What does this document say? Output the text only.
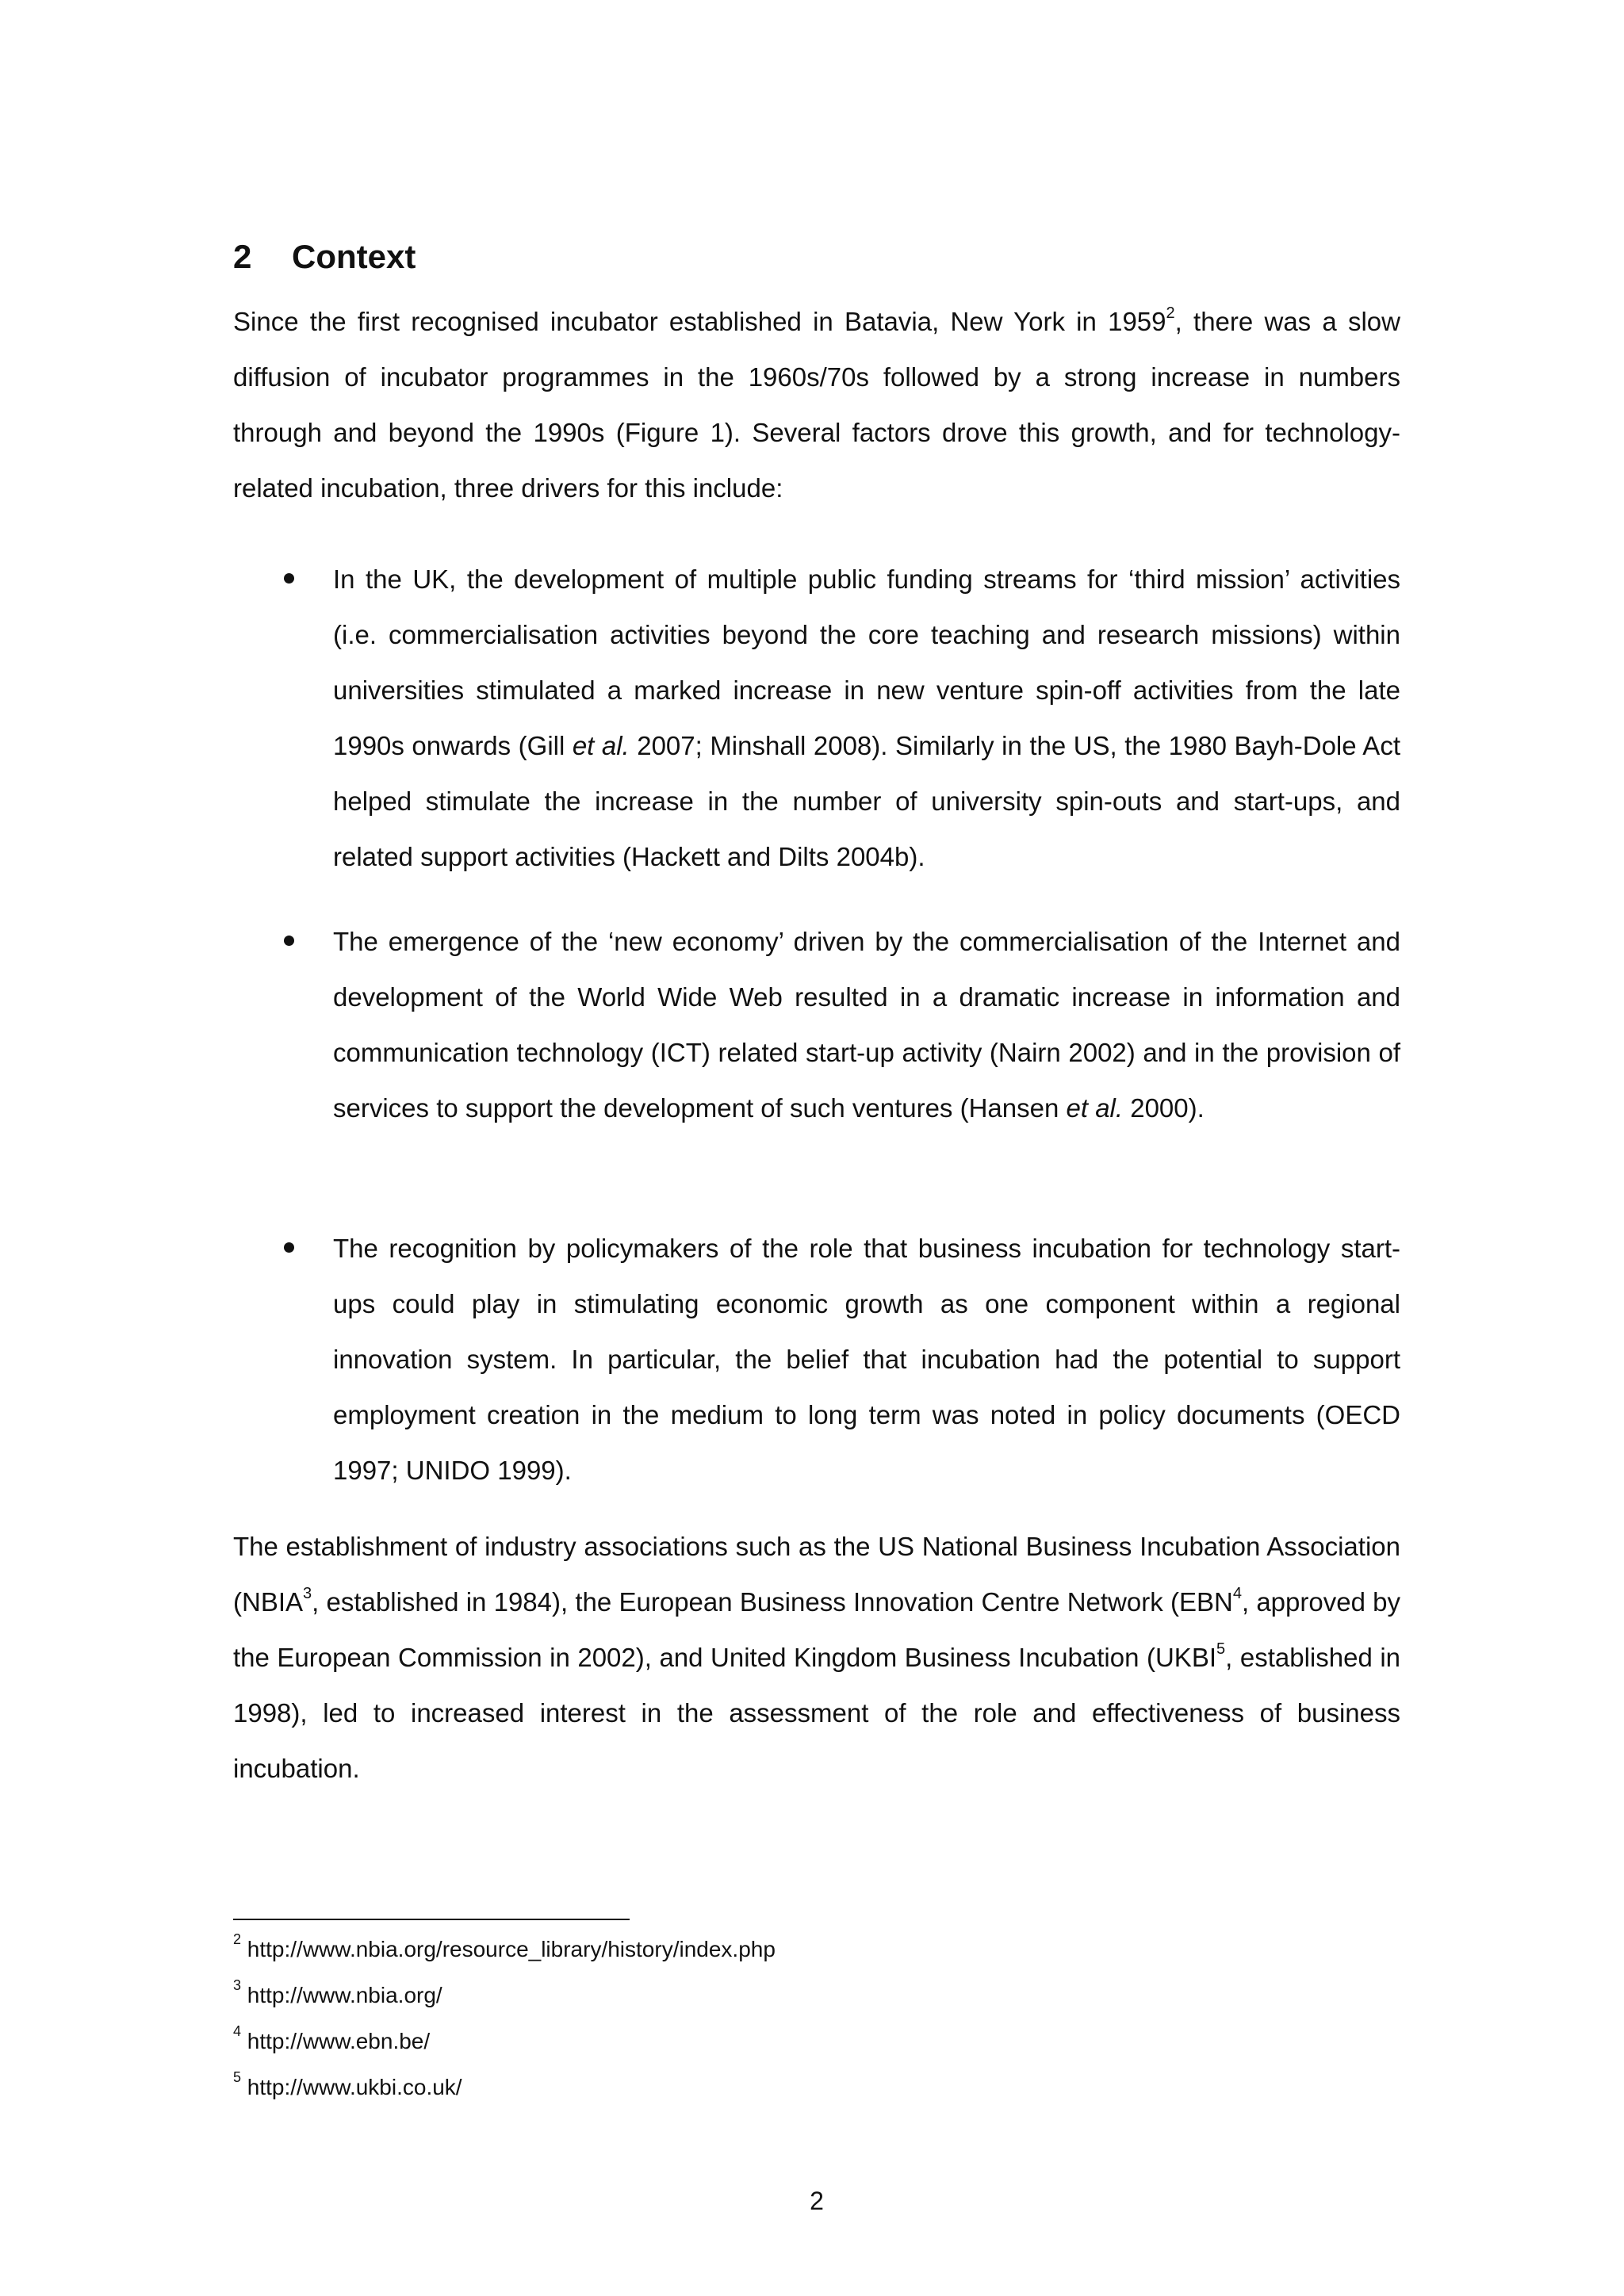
2 Context

Since the first recognised incubator established in Batavia, New York in 1959$^2$, there was a slow diffusion of incubator programmes in the 1960s/70s followed by a strong increase in numbers through and beyond the 1990s (Figure 1). Several factors drove this growth, and for technology-related incubation, three drivers for this include:

In the UK, the development of multiple public funding streams for ‘third mission’ activities (i.e. commercialisation activities beyond the core teaching and research missions) within universities stimulated a marked increase in new venture spin-off activities from the late 1990s onwards (Gill et al. 2007; Minshall 2008). Similarly in the US, the 1980 Bayh-Dole Act helped stimulate the increase in the number of university spin-outs and start-ups, and related support activities (Hackett and Dilts 2004b).

The emergence of the ‘new economy’ driven by the commercialisation of the Internet and development of the World Wide Web resulted in a dramatic increase in information and communication technology (ICT) related start-up activity (Nairn 2002) and in the provision of services to support the development of such ventures (Hansen et al. 2000).

The recognition by policymakers of the role that business incubation for technology start-ups could play in stimulating economic growth as one component within a regional innovation system. In particular, the belief that incubation had the potential to support employment creation in the medium to long term was noted in policy documents (OECD 1997; UNIDO 1999).

The establishment of industry associations such as the US National Business Incubation Association (NBIA$^3$, established in 1984), the European Business Innovation Centre Network (EBN$^4$, approved by the European Commission in 2002), and United Kingdom Business Incubation (UKBI$^5$, established in 1998), led to increased interest in the assessment of the role and effectiveness of business incubation.

$^2$ http://www.nbia.org/resource_library/history/index.php
$^3$ http://www.nbia.org/
$^4$ http://www.ebn.be/
$^5$ http://www.ukbi.co.uk/
2
